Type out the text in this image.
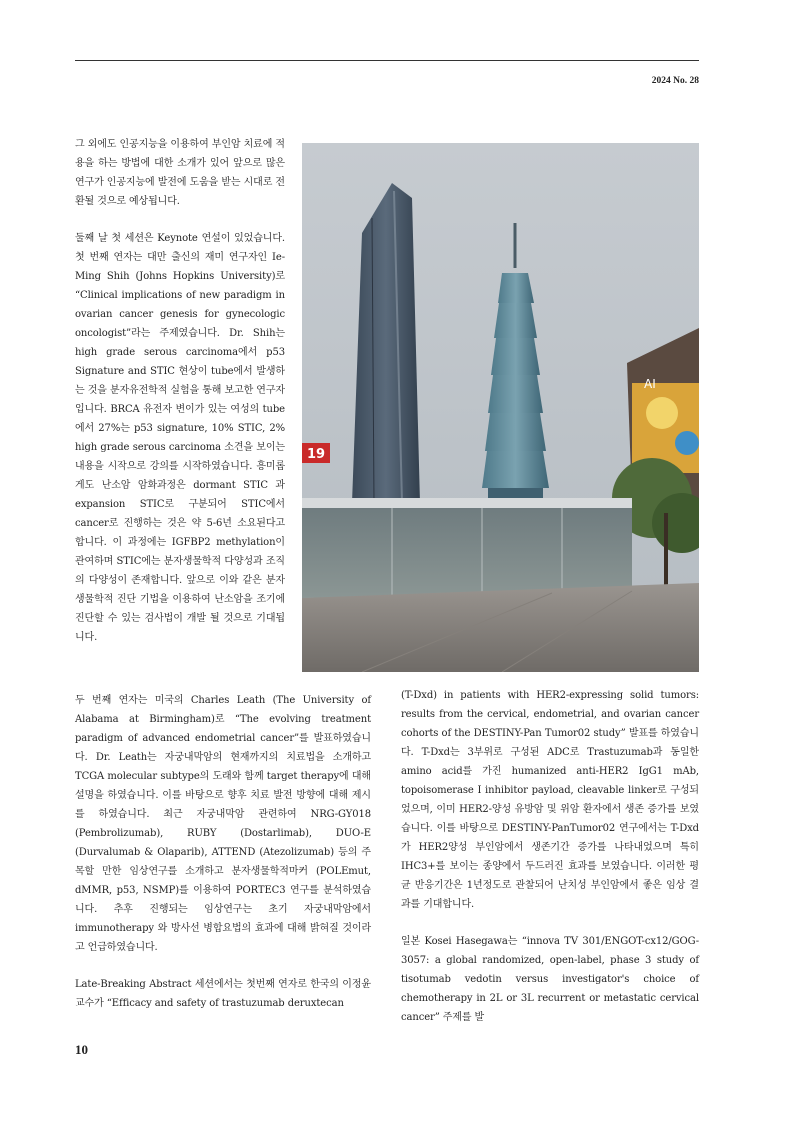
2024 No. 28
AI
19

그 외에도 인공지능을 이용하여 부인암 치료에 적용을 하는 방법에 대한 소개가 있어 앞으로 많은 연구가 인공지능에 발전에 도움을 받는 시대로 전환될 것으로 예상됩니다.

둘째 날 첫 세션은 Keynote 연설이 있었습니다. 첫 번째 연자는 대만 출신의 재미 연구자인 Ie-Ming Shih (Johns Hopkins University)로 “Clinical implications of new paradigm in ovarian cancer genesis for gynecologic oncologist”라는 주제였습니다. Dr. Shih는 high grade serous carcinoma에서 p53 Signature and STIC 현상이 tube에서 발생하는 것을 분자유전학적 실험을 통해 보고한 연구자입니다. BRCA 유전자 변이가 있는 여성의 tube에서 27%는 p53 signature, 10% STIC, 2% high grade serous carcinoma 소견을 보이는 내용을 시작으로 강의를 시작하였습니다. 흥미롭게도 난소암 암화과정은 dormant STIC 과 expansion STIC로 구분되어 STIC에서 cancer로 진행하는 것은 약 5-6년 소요된다고 합니다. 이 과정에는 IGFBP2 methylation이 관여하며 STIC에는 분자생물학적 다양성과 조직의 다양성이 존재합니다. 앞으로 이와 같은 분자생물학적 진단 기법을 이용하여 난소암을 조기에 진단할 수 있는 검사법이 개발 될 것으로 기대됩니다.

두 번째 연자는 미국의 Charles Leath (The University of Alabama at Birmingham)로 “The evolving treatment paradigm of advanced endometrial cancer”를 발표하였습니다. Dr. Leath는 자궁내막암의 현재까지의 치료법을 소개하고 TCGA molecular subtype의 도래와 함께 target therapy에 대해 설명을 하였습니다. 이를 바탕으로 향후 치료 발전 방향에 대해 제시를 하였습니다. 최근 자궁내막암 관련하여 NRG-GY018 (Pembrolizumab), RUBY (Dostarlimab), DUO-E (Durvalumab & Olaparib), ATTEND (Atezolizumab) 등의 주목할 만한 임상연구를 소개하고 분자생물학적마커 (POLEmut, dMMR, p53, NSMP)를 이용하여 PORTEC3 연구를 분석하였습니다. 추후 진행되는 임상연구는 초기 자궁내막암에서 immunotherapy 와 방사선 병합요법의 효과에 대해 밝혀질 것이라고 언급하였습니다.

Late-Breaking Abstract 세션에서는 첫번째 연자로 한국의 이정윤 교수가 “Efficacy and safety of trastuzumab deruxtecan

(T-Dxd) in patients with HER2-expressing solid tumors: results from the cervical, endometrial, and ovarian cancer cohorts of the DESTINY-Pan Tumor02 study” 발표를 하였습니다. T-Dxd는 3부위로 구성된 ADC로 Trastuzumab과 동일한 amino acid를 가진 humanized anti-HER2 IgG1 mAb, topoisomerase I inhibitor payload, cleavable linker로 구성되었으며, 이미 HER2-양성 유방암 및 위암 환자에서 생존 증가를 보였습니다. 이를 바탕으로 DESTINY-PanTumor02 연구에서는 T-Dxd가 HER2양성 부인암에서 생존기간 증가를 나타내었으며 특히 IHC3+를 보이는 종양에서 두드러진 효과를 보였습니다. 이러한 평균 반응기간은 1년정도로 관찰되어 난치성 부인암에서 좋은 임상 결과를 기대합니다.

일본 Kosei Hasegawa는 “innova TV 301/ENGOT-cx12/GOG-3057: a global randomized, open-label, phase 3 study of tisotumab vedotin versus investigator's choice of chemotherapy in 2L or 3L recurrent or metastatic cervical cancer” 주제를 발

10
